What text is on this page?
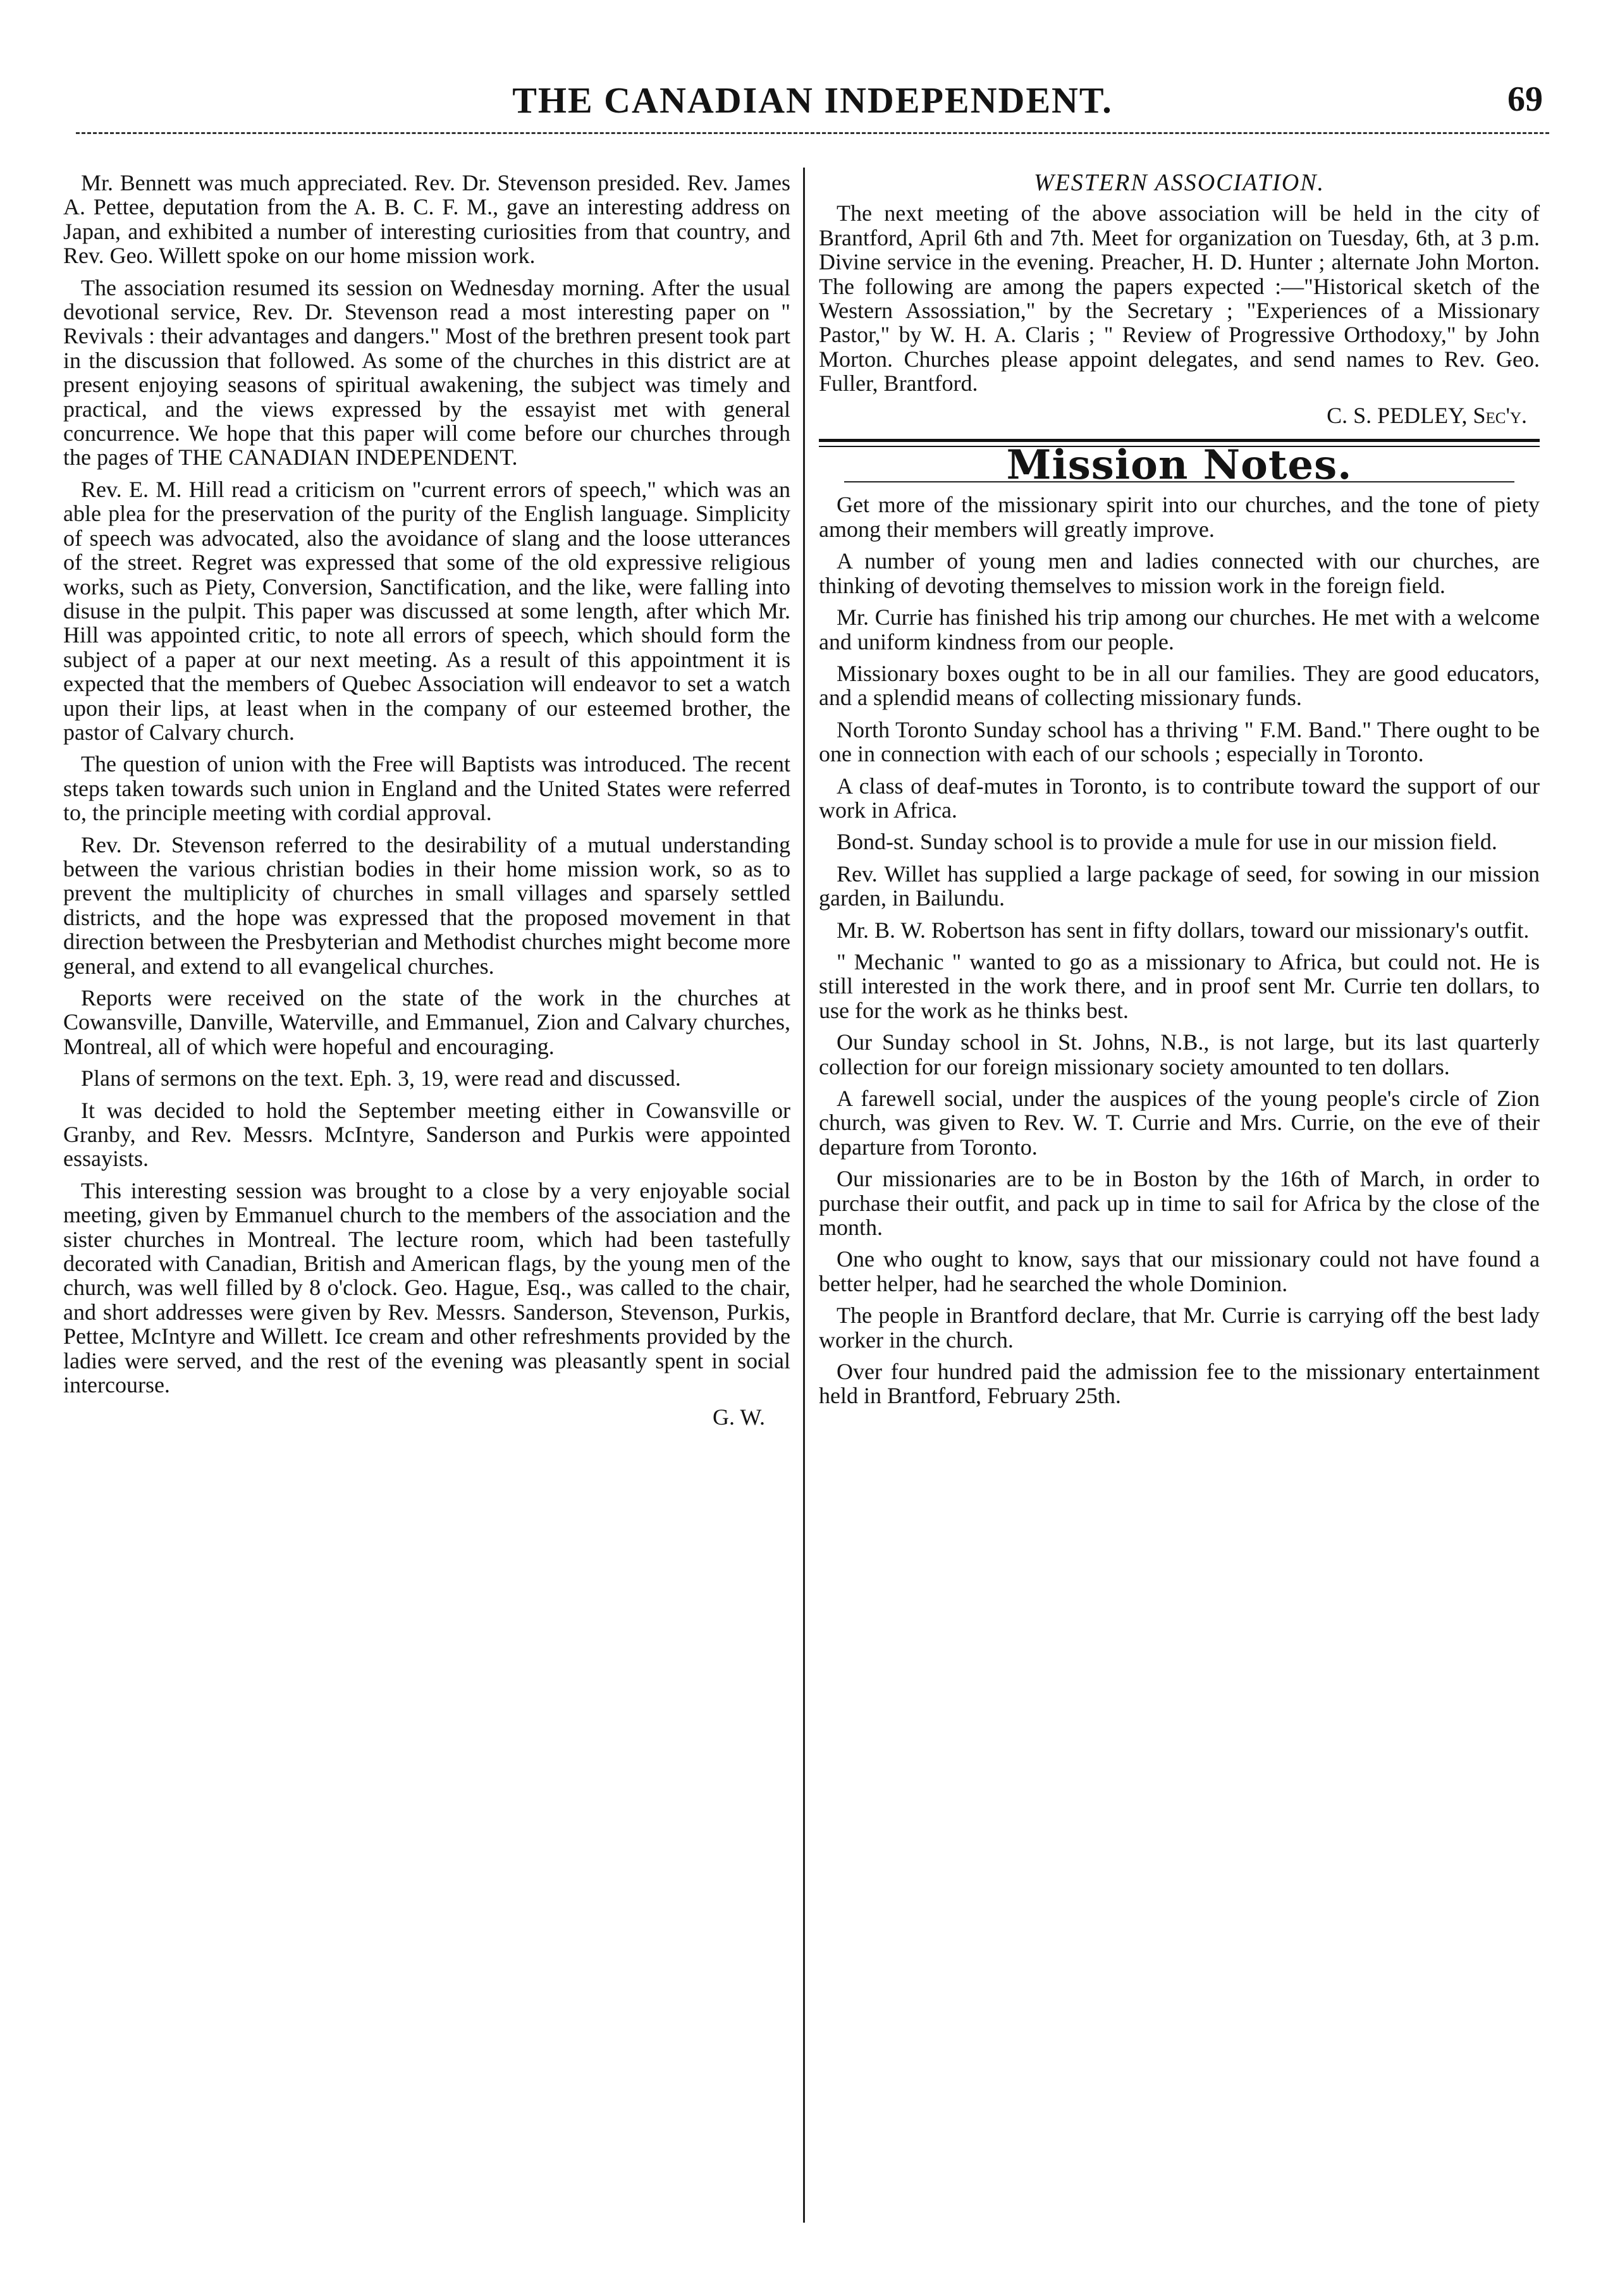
THE CANADIAN INDEPENDENT.	69

Mr. Bennett was much appreciated. Rev. Dr. Stevenson presided. Rev. James A. Pettee, deputation from the A. B. C. F. M., gave an interesting address on Japan, and exhibited a number of interesting curiosities from that country, and Rev. Geo. Willett spoke on our home mission work.

The association resumed its session on Wednesday morning. After the usual devotional service, Rev. Dr. Stevenson read a most interesting paper on " Revivals : their advantages and dangers." Most of the brethren present took part in the discussion that followed. As some of the churches in this district are at present enjoying seasons of spiritual awakening, the subject was timely and practical, and the views expressed by the essayist met with general concurrence. We hope that this paper will come before our churches through the pages of THE CANADIAN INDEPENDENT.

Rev. E. M. Hill read a criticism on "current errors of speech," which was an able plea for the preservation of the purity of the English language. Simplicity of speech was advocated, also the avoidance of slang and the loose utterances of the street. Regret was expressed that some of the old expressive religious works, such as Piety, Conversion, Sanctification, and the like, were falling into disuse in the pulpit. This paper was discussed at some length, after which Mr. Hill was appointed critic, to note all errors of speech, which should form the subject of a paper at our next meeting. As a result of this appointment it is expected that the members of Quebec Association will endeavor to set a watch upon their lips, at least when in the company of our esteemed brother, the pastor of Calvary church.

The question of union with the Free will Baptists was introduced. The recent steps taken towards such union in England and the United States were referred to, the principle meeting with cordial approval.

Rev. Dr. Stevenson referred to the desirability of a mutual understanding between the various christian bodies in their home mission work, so as to prevent the multiplicity of churches in small villages and sparsely settled districts, and the hope was expressed that the proposed movement in that direction between the Presbyterian and Methodist churches might become more general, and extend to all evangelical churches.

Reports were received on the state of the work in the churches at Cowansville, Danville, Waterville, and Emmanuel, Zion and Calvary churches, Montreal, all of which were hopeful and encouraging.

Plans of sermons on the text. Eph. 3, 19, were read and discussed.

It was decided to hold the September meeting either in Cowansville or Granby, and Rev. Messrs. McIntyre, Sanderson and Purkis were appointed essayists.

This interesting session was brought to a close by a very enjoyable social meeting, given by Emmanuel church to the members of the association and the sister churches in Montreal. The lecture room, which had been tastefully decorated with Canadian, British and American flags, by the young men of the church, was well filled by 8 o'clock. Geo. Hague, Esq., was called to the chair, and short addresses were given by Rev. Messrs. Sanderson, Stevenson, Purkis, Pettee, McIntyre and Willett. Ice cream and other refreshments provided by the ladies were served, and the rest of the evening was pleasantly spent in social intercourse.

G. W.
WESTERN ASSOCIATION.

The next meeting of the above association will be held in the city of Brantford, April 6th and 7th. Meet for organization on Tuesday, 6th, at 3 p.m. Divine service in the evening. Preacher, H. D. Hunter ; alternate John Morton. The following are among the papers expected :—"Historical sketch of the Western Assossiation," by the Secretary ; "Experiences of a Missionary Pastor," by W. H. A. Claris ; " Review of Progressive Orthodoxy," by John Morton. Churches please appoint delegates, and send names to Rev. Geo. Fuller, Brantford.

C. S. PEDLEY, Sec'y.
Mission Notes.

Get more of the missionary spirit into our churches, and the tone of piety among their members will greatly improve.

A number of young men and ladies connected with our churches, are thinking of devoting themselves to mission work in the foreign field.

Mr. Currie has finished his trip among our churches. He met with a welcome and uniform kindness from our people.

Missionary boxes ought to be in all our families. They are good educators, and a splendid means of collecting missionary funds.

North Toronto Sunday school has a thriving " F.M. Band." There ought to be one in connection with each of our schools ; especially in Toronto.

A class of deaf-mutes in Toronto, is to contribute toward the support of our work in Africa.

Bond-st. Sunday school is to provide a mule for use in our mission field.

Rev. Willet has supplied a large package of seed, for sowing in our mission garden, in Bailundu.

Mr. B. W. Robertson has sent in fifty dollars, toward our missionary's outfit.

" Mechanic " wanted to go as a missionary to Africa, but could not. He is still interested in the work there, and in proof sent Mr. Currie ten dollars, to use for the work as he thinks best.

Our Sunday school in St. Johns, N.B., is not large, but its last quarterly collection for our foreign missionary society amounted to ten dollars.

A farewell social, under the auspices of the young people's circle of Zion church, was given to Rev. W. T. Currie and Mrs. Currie, on the eve of their departure from Toronto.

Our missionaries are to be in Boston by the 16th of March, in order to purchase their outfit, and pack up in time to sail for Africa by the close of the month.

One who ought to know, says that our missionary could not have found a better helper, had he searched the whole Dominion.

The people in Brantford declare, that Mr. Currie is carrying off the best lady worker in the church.

Over four hundred paid the admission fee to the missionary entertainment held in Brantford, February 25th.
